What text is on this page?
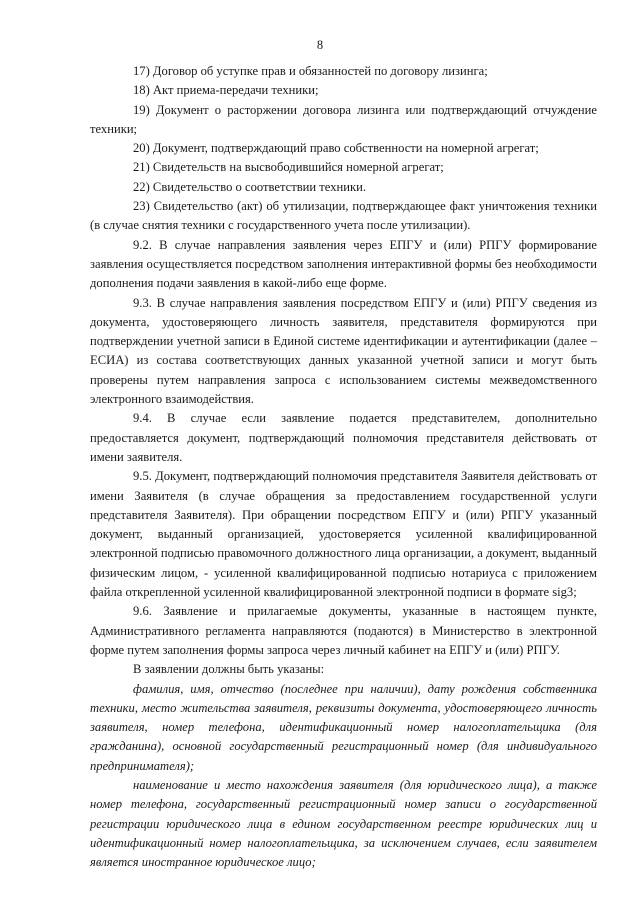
8

17) Договор об уступке прав и обязанностей по договору лизинга;

18) Акт приема-передачи техники;

19) Документ о расторжении договора лизинга или подтверждающий отчуждение техники;

20) Документ, подтверждающий право собственности на номерной агрегат;

21) Свидетельств на высвободившийся номерной агрегат;

22) Свидетельство о соответствии техники.

23) Свидетельство (акт) об утилизации, подтверждающее факт уничтожения техники (в случае снятия техники с государственного учета после утилизации).

9.2. В случае направления заявления через ЕПГУ и (или) РПГУ формирование заявления осуществляется посредством заполнения интерактивной формы без необходимости дополнения подачи заявления в какой-либо еще форме.

9.3. В случае направления заявления посредством ЕПГУ и (или) РПГУ сведения из документа, удостоверяющего личность заявителя, представителя формируются при подтверждении учетной записи в Единой системе идентификации и аутентификации (далее – ЕСИА) из состава соответствующих данных указанной учетной записи и могут быть проверены путем направления запроса с использованием системы межведомственного электронного взаимодействия.

9.4. В случае если заявление подается представителем, дополнительно предоставляется документ, подтверждающий полномочия представителя действовать от имени заявителя.

9.5. Документ, подтверждающий полномочия представителя Заявителя действовать от имени Заявителя (в случае обращения за предоставлением государственной услуги представителя Заявителя). При обращении посредством ЕПГУ и (или) РПГУ указанный документ, выданный организацией, удостоверяется усиленной квалифицированной электронной подписью правомочного должностного лица организации, а документ, выданный физическим лицом, - усиленной квалифицированной подписью нотариуса с приложением файла открепленной усиленной квалифицированной электронной подписи в формате sig3;

9.6. Заявление и прилагаемые документы, указанные в настоящем пункте, Административного регламента направляются (подаются) в Министерство в электронной форме путем заполнения формы запроса через личный кабинет на ЕПГУ и (или) РПГУ.

В заявлении должны быть указаны:

фамилия, имя, отчество (последнее при наличии), дату рождения собственника техники, место жительства заявителя, реквизиты документа, удостоверяющего личность заявителя, номер телефона, идентификационный номер налогоплательщика (для гражданина), основной государственный регистрационный номер (для индивидуального предпринимателя);

наименование и место нахождения заявителя (для юридического лица), а также номер телефона, государственный регистрационный номер записи о государственной регистрации юридического лица в едином государственном реестре юридических лиц и идентификационный номер налогоплательщика, за исключением случаев, если заявителем является иностранное юридическое лицо;
